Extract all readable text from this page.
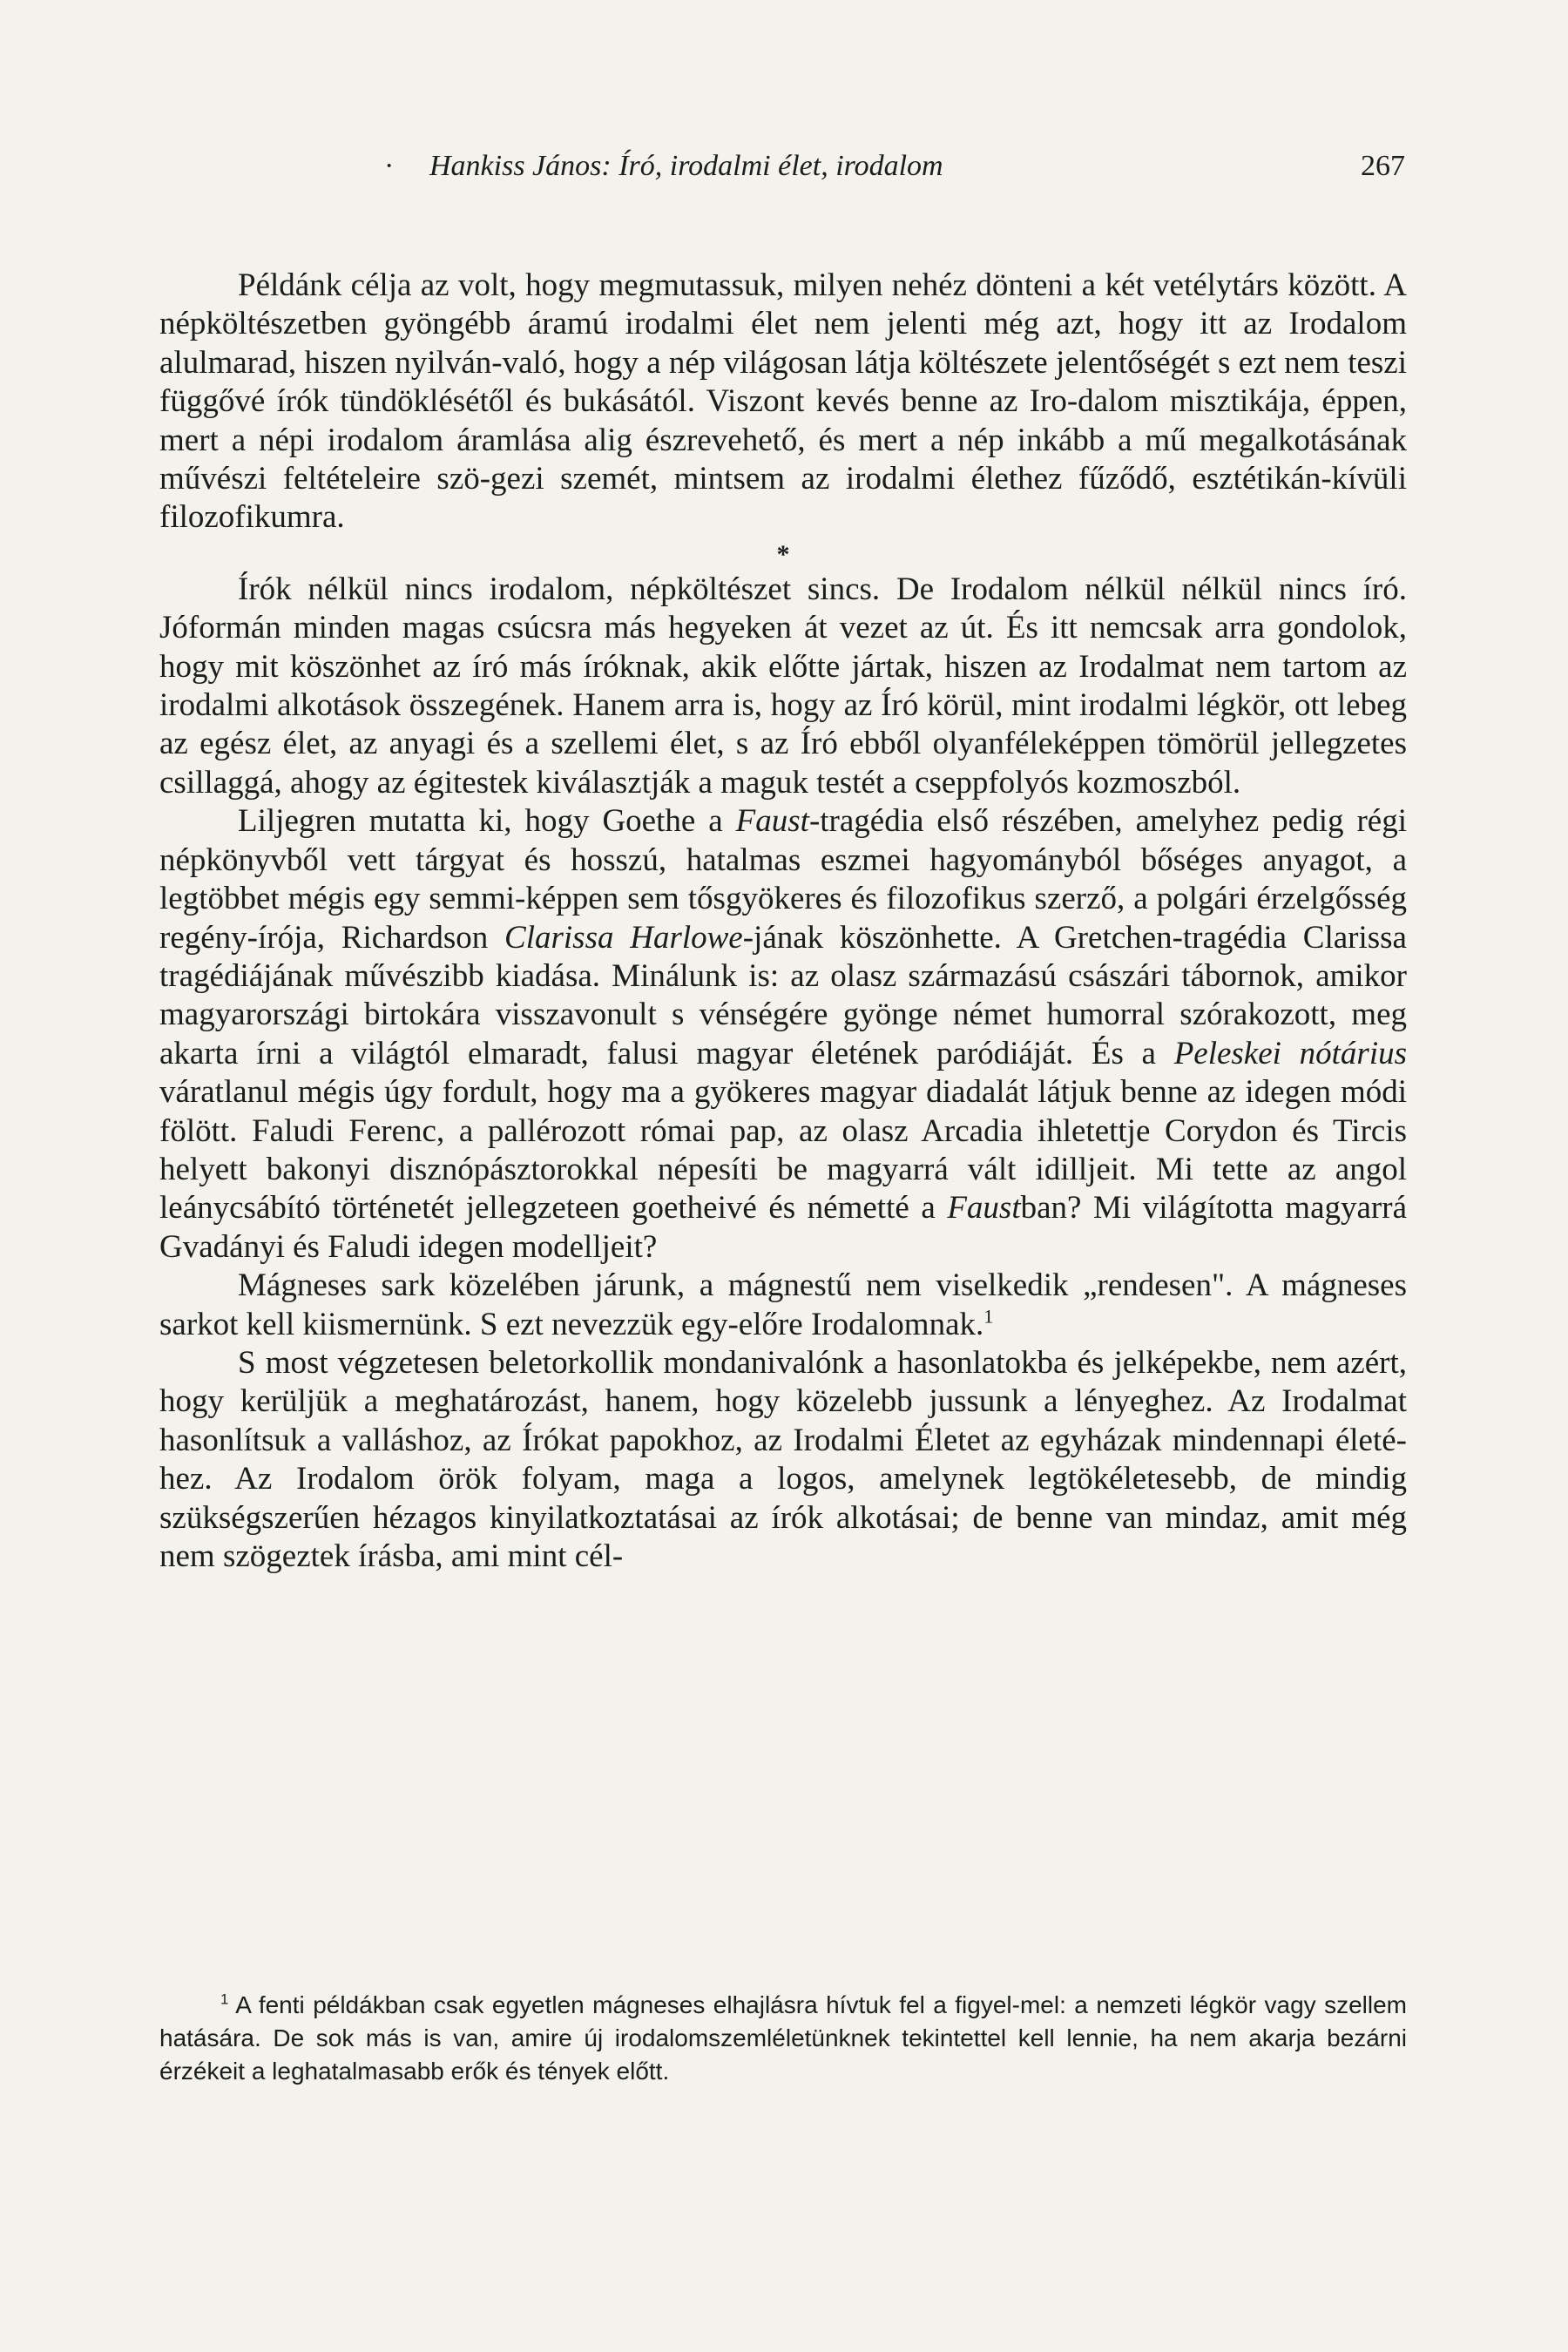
· Hankiss János: Író, irodalmi élet, irodalom	267

Példánk célja az volt, hogy megmutassuk, milyen nehéz dönteni a két vetélytárs között. A népköltészetben gyöngébb áramú irodalmi élet nem jelenti még azt, hogy itt az Irodalom alulmarad, hiszen nyilván-való, hogy a nép világosan látja költészete jelentőségét s ezt nem teszi függővé írók tündöklésétől és bukásától. Viszont kevés benne az Iro-dalom misztikája, éppen, mert a népi irodalom áramlása alig észrevehető, és mert a nép inkább a mű megalkotásának művészi feltételeire szö-gezi szemét, mintsem az irodalmi élethez fűződő, esztétikán-kívüli filozofikumra.

*

Írók nélkül nincs irodalom, népköltészet sincs. De Irodalom nélkül nélkül nincs író. Jóformán minden magas csúcsra más hegyeken át vezet az út. És itt nemcsak arra gondolok, hogy mit köszönhet az író más íróknak, akik előtte jártak, hiszen az Irodalmat nem tartom az irodalmi alkotások összegének. Hanem arra is, hogy az Író körül, mint irodalmi légkör, ott lebeg az egész élet, az anyagi és a szellemi élet, s az Író ebből olyanféleképpen tömörül jellegzetes csillaggá, ahogy az égitestek kiválasztják a maguk testét a cseppfolyós kozmoszból.

Liljegren mutatta ki, hogy Goethe a Faust-tragédia első részében, amelyhez pedig régi népkönyvből vett tárgyat és hosszú, hatalmas eszmei hagyományból bőséges anyagot, a legtöbbet mégis egy semmi-képpen sem tősgyökeres és filozofikus szerző, a polgári érzelgősség regény-írója, Richardson Clarissa Harlowe-jának köszönhette. A Gretchen-tragédia Clarissa tragédiájának művészibb kiadása. Minálunk is: az olasz származású császári tábornok, amikor magyarországi birtokára visszavonult s vénségére gyönge német humorral szórakozott, meg akarta írni a világtól elmaradt, falusi magyar életének paródiáját. És a Peleskei nótárius váratlanul mégis úgy fordult, hogy ma a gyökeres magyar diadalát látjuk benne az idegen módi fölött. Faludi Ferenc, a pallérozott római pap, az olasz Arcadia ihletettje Corydon és Tircis helyett bakonyi disznópásztorokkal népesíti be magyarrá vált idilljeit. Mi tette az angol leánycsábító történetét jellegzeteen goetheivé és németté a Faustban? Mi világította magyarrá Gvadányi és Faludi idegen modelljeit?

Mágneses sark közelében járunk, a mágnestű nem viselkedik „rendesen". A mágneses sarkot kell kiismernünk. S ezt nevezzük egy-előre Irodalomnak.$^1$

S most végzetesen beletorkollik mondanivalónk a hasonlatokba és jelképekbe, nem azért, hogy kerüljük a meghatározást, hanem, hogy közelebb jussunk a lényeghez. Az Irodalmat hasonlítsuk a valláshoz, az Írókat papokhoz, az Irodalmi Életet az egyházak mindennapi életé-hez. Az Irodalom örök folyam, maga a logos, amelynek legtökéletesebb, de mindig szükségszerűen hézagos kinyilatkoztatásai az írók alkotásai; de benne van mindaz, amit még nem szögeztek írásba, ami mint cél-

$^1$ A fenti példákban csak egyetlen mágneses elhajlásra hívtuk fel a figyel-mel: a nemzeti légkör vagy szellem hatására. De sok más is van, amire új irodalomszemléletünknek tekintettel kell lennie, ha nem akarja bezárni érzékeit a leghatalmasabb erők és tények előtt.
